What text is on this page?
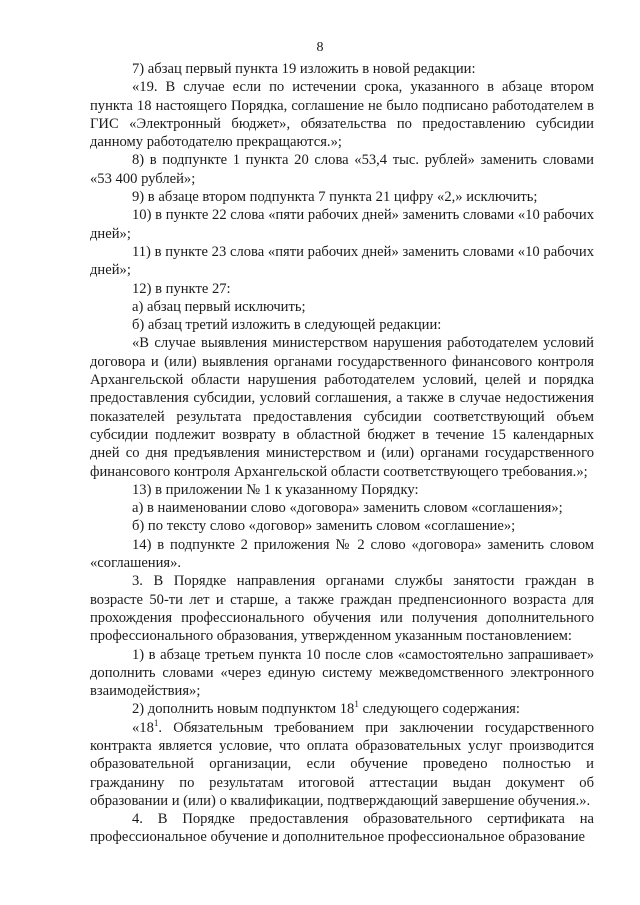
8

7) абзац первый пункта 19 изложить в новой редакции:

«19. В случае если по истечении срока, указанного в абзаце втором пункта 18 настоящего Порядка, соглашение не было подписано работодателем в ГИС «Электронный бюджет», обязательства по предоставлению субсидии данному работодателю прекращаются.»;

8) в подпункте 1 пункта 20 слова «53,4 тыс. рублей» заменить словами «53 400 рублей»;

9) в абзаце втором подпункта 7 пункта 21 цифру «2,» исключить;

10) в пункте 22 слова «пяти рабочих дней» заменить словами «10 рабочих дней»;

11) в пункте 23 слова «пяти рабочих дней» заменить словами «10 рабочих дней»;

12) в пункте 27:

а) абзац первый исключить;

б) абзац третий изложить в следующей редакции:

«В случае выявления министерством нарушения работодателем условий договора и (или) выявления органами государственного финансового контроля Архангельской области нарушения работодателем условий, целей и порядка предоставления субсидии, условий соглашения, а также в случае недостижения показателей результата предоставления субсидии соответствующий объем субсидии подлежит возврату в областной бюджет в течение 15 календарных дней со дня предъявления министерством и (или) органами государственного финансового контроля Архангельской области соответствующего требования.»;

13) в приложении № 1 к указанному Порядку:

а) в наименовании слово «договора» заменить словом «соглашения»;

б) по тексту слово «договор» заменить словом «соглашение»;

14) в подпункте 2 приложения № 2 слово «договора» заменить словом «соглашения».

3. В Порядке направления органами службы занятости граждан в возрасте 50-ти лет и старше, а также граждан предпенсионного возраста для прохождения профессионального обучения или получения дополнительного профессионального образования, утвержденном указанным постановлением:

1) в абзаце третьем пункта 10 после слов «самостоятельно запрашивает» дополнить словами «через единую систему межведомственного электронного взаимодействия»;

2) дополнить новым подпунктом $18^1$ следующего содержания:

«$18^1$. Обязательным требованием при заключении государственного контракта является условие, что оплата образовательных услуг производится образовательной организации, если обучение проведено полностью и гражданину по результатам итоговой аттестации выдан документ об образовании и (или) о квалификации, подтверждающий завершение обучения.».

4. В Порядке предоставления образовательного сертификата на профессиональное обучение и дополнительное профессиональное образование
